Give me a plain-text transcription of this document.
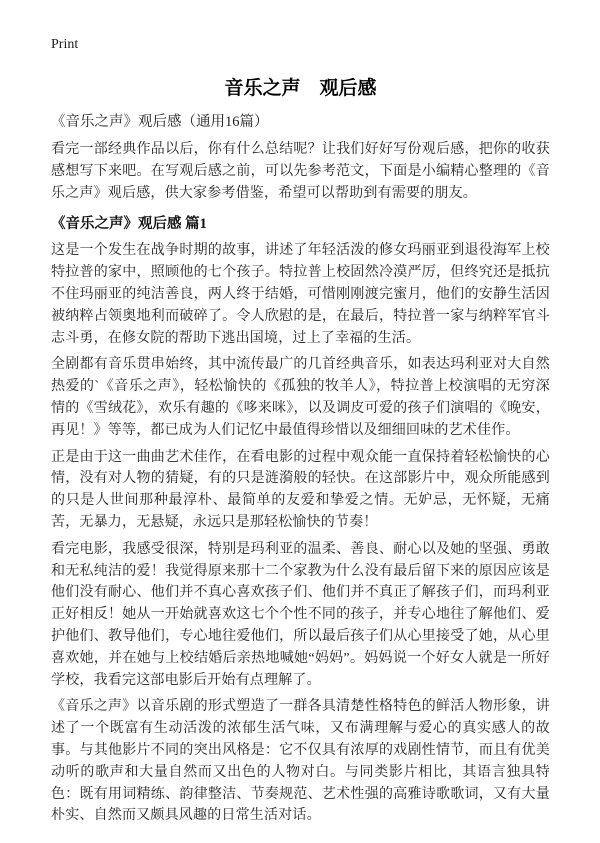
Print
音乐之声　观后感
《音乐之声》观后感（通用16篇）

看完一部经典作品以后，你有什么总结呢？让我们好好写份观后感，把你的收获感想写下来吧。在写观后感之前，可以先参考范文，下面是小编精心整理的《音乐之声》观后感，供大家参考借鉴，希望可以帮助到有需要的朋友。

《音乐之声》观后感 篇1

这是一个发生在战争时期的故事，讲述了年轻活泼的修女玛丽亚到退役海军上校特拉普的家中，照顾他的七个孩子。特拉普上校固然冷漠严厉，但终究还是抵抗不住玛丽亚的纯洁善良，两人终于结婚，可惜刚刚渡完蜜月，他们的安静生活因被纳粹占领奥地利而破碎了。令人欣慰的是，在最后，特拉普一家与纳粹军官斗志斗勇，在修女院的帮助下逃出国境，过上了幸福的生活。

全剧都有音乐贯串始终，其中流传最广的几首经典音乐，如表达玛利亚对大自然热爱的`《音乐之声》，轻松愉快的《孤独的牧羊人》，特拉普上校演唱的无穷深情的《雪绒花》，欢乐有趣的《哆来咪》，以及调皮可爱的孩子们演唱的《晚安，再见！》等等，都已成为人们记忆中最值得珍惜以及细细回味的艺术佳作。

正是由于这一曲曲艺术佳作，在看电影的过程中观众能一直保持着轻松愉快的心情，没有对人物的猜疑，有的只是涟漪般的轻快。在这部影片中，观众所能感到的只是人世间那种最淳朴、最简单的友爱和挚爱之情。无妒忌，无怀疑，无痛苦，无暴力，无悬疑，永远只是那轻松愉快的节奏！

看完电影，我感受很深，特别是玛利亚的温柔、善良、耐心以及她的坚强、勇敢和无私纯洁的爱！我觉得原来那十二个家教为什么没有最后留下来的原因应该是他们没有耐心、他们并不真心喜欢孩子们、他们并不真正了解孩子们，而玛利亚正好相反！她从一开始就喜欢这七个个性不同的孩子，并专心地往了解他们、爱护他们、教导他们，专心地往爱他们，所以最后孩子们从心里接受了她，从心里喜欢她，并在她与上校结婚后亲热地喊她“妈妈”。妈妈说一个好女人就是一所好学校，我看完这部电影后开始有点理解了。

《音乐之声》以音乐剧的形式塑造了一群各具清楚性格特色的鲜活人物形象，讲述了一个既富有生动活泼的浓郁生活气味，又布满理解与爱心的真实感人的故事。与其他影片不同的突出风格是：它不仅具有浓厚的戏剧性情节，而且有优美动听的歌声和大量自然而又出色的人物对白。与同类影片相比，其语言独具特色：既有用词精练、韵律整洁、节奏规范、艺术性强的高雅诗歌歌词，又有大量朴实、自然而又颇具风趣的日常生活对话。
